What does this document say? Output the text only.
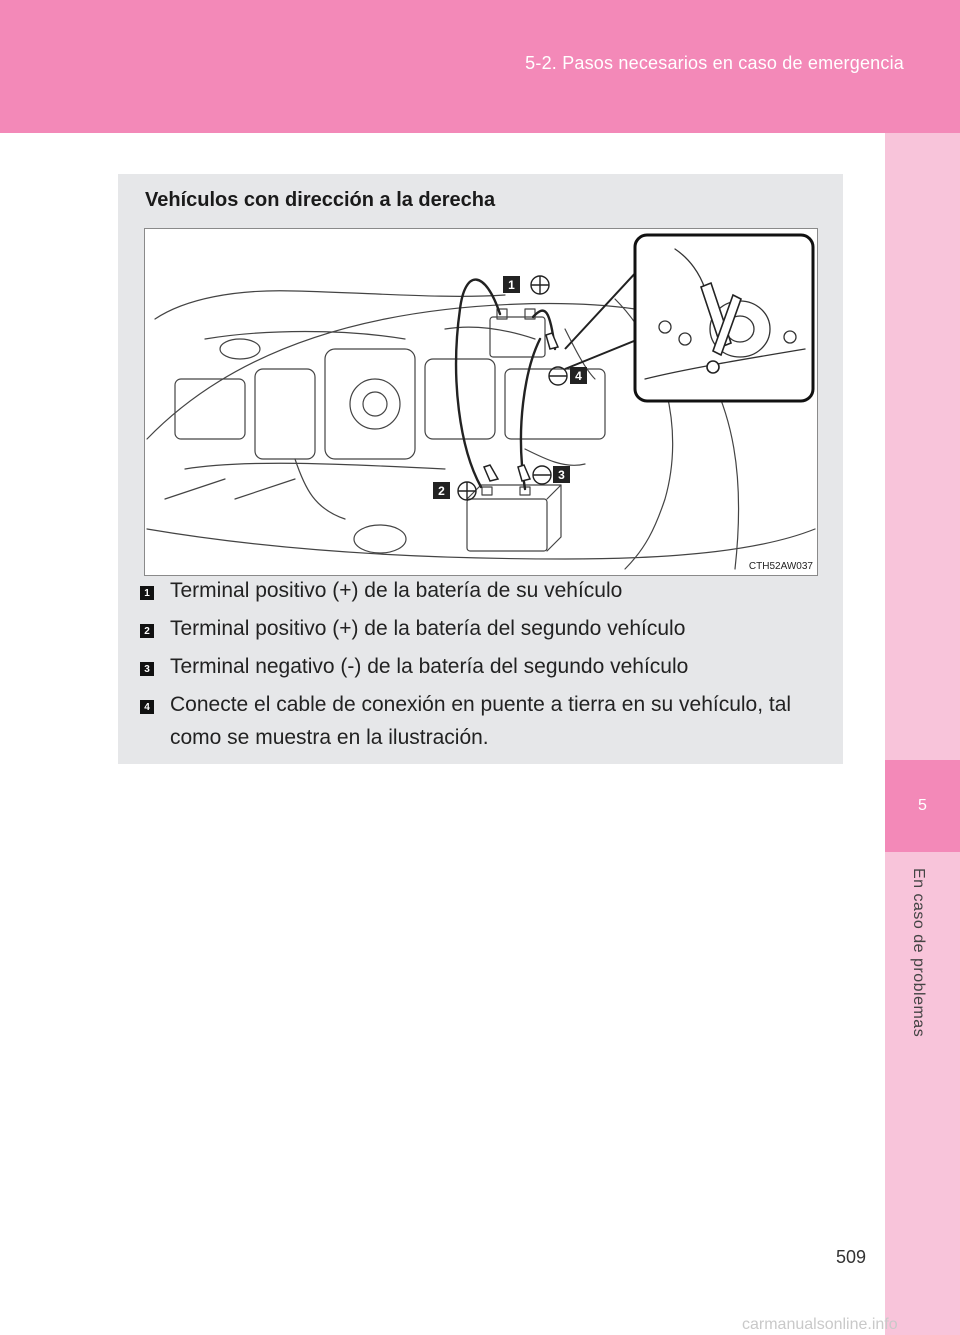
5-2. Pasos necesarios en caso de emergencia
5
En caso de problemas
Vehículos con dirección a la derecha
1
2
3
4
CTH52AW037
1 Terminal positivo (+) de la batería de su vehículo
2 Terminal positivo (+) de la batería del segundo vehículo
3 Terminal negativo (-) de la batería del segundo vehículo
4 Conecte el cable de conexión en puente a tierra en su vehículo, tal como se muestra en la ilustración.
509
carmanualsonline.info
